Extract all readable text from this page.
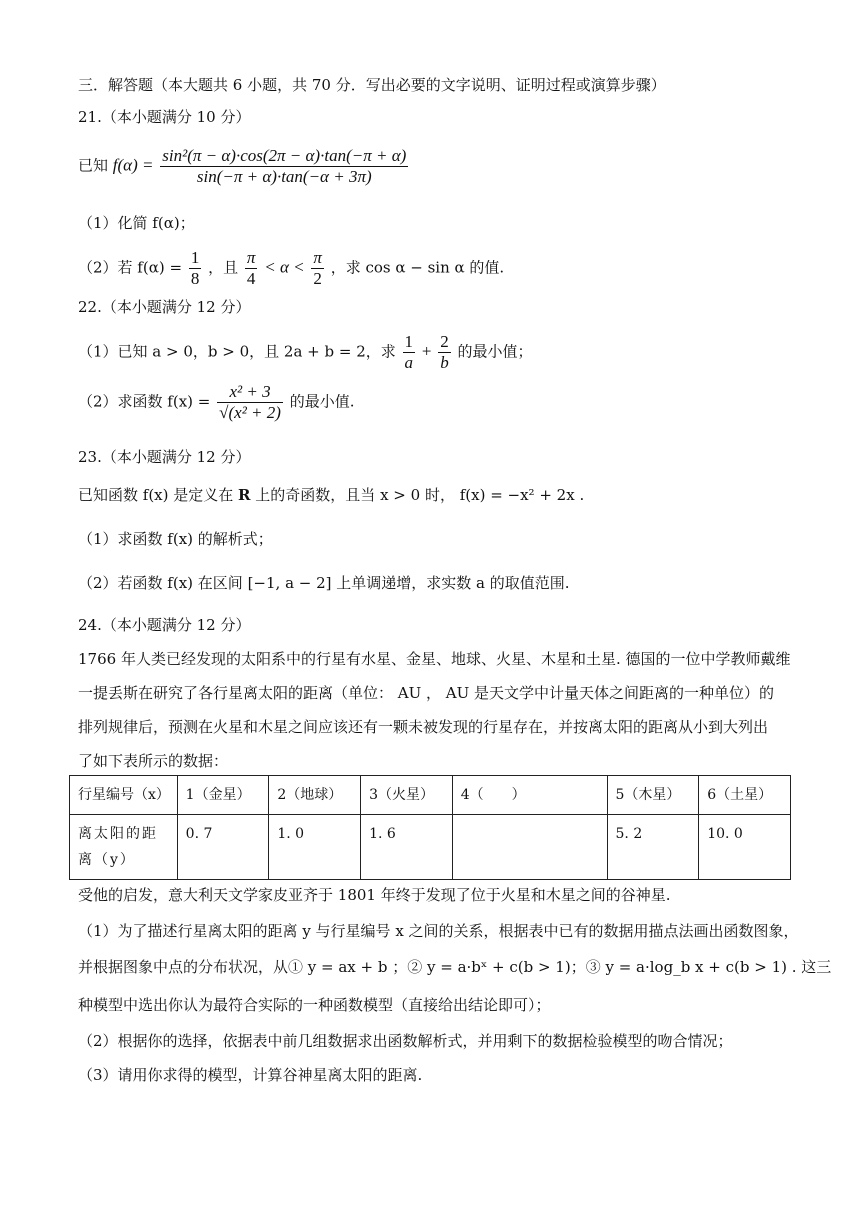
三．解答题（本大题共 6 小题，共 70 分．写出必要的文字说明、证明过程或演算步骤）
21.（本小题满分 10 分）
已知 $f(\alpha) = \frac{\text{sin²(π − α)·cos(2π − α)·tan(−π + α)}}{\sin(-\pi + \alpha)\cdot\tan(-\alpha + 3\pi)}$
（1）化简 f(α)；
（2）若 $f(\alpha) = \frac{1}{8}$ ，且 $\frac{\pi}{4} < \alpha < \frac{\pi}{2}$ ，求 cos α − sin α 的值.
22.（本小题满分 12 分）
（1）已知 a > 0，b > 0，且 2a + b = 2，求 $\frac{1}{a} + \frac{2}{b}$ 的最小值；
（2）求函数 $f(x) = \frac{\text{x² + 3}}{\text{√(x² + 2)}}$ 的最小值.
23.（本小题满分 12 分）
已知函数 f(x) 是定义在 R 上的奇函数，且当 x > 0 时， f(x) = −x² + 2x .
（1）求函数 f(x) 的解析式；
（2）若函数 f(x) 在区间 [−1, a − 2] 上单调递增，求实数 a 的取值范围.
24.（本小题满分 12 分）
1766 年人类已经发现的太阳系中的行星有水星、金星、地球、火星、木星和土星. 德国的一位中学教师戴维
一提丢斯在研究了各行星离太阳的距离（单位： AU ， AU 是天文学中计量天体之间距离的一种单位）的
排列规律后，预测在火星和木星之间应该还有一颗未被发现的行星存在，并按离太阳的距离从小到大列出
了如下表所示的数据：
行星编号（x）	1（金星）	2（地球）	3（火星）	4（　　）	5（木星）	6（土星）
离太阳的距离（y）	0. 7	1. 0	1. 6		5. 2	10. 0
受他的启发，意大利天文学家皮亚齐于 1801 年终于发现了位于火星和木星之间的谷神星.
（1）为了描述行星离太阳的距离 y 与行星编号 x 之间的关系，根据表中已有的数据用描点法画出函数图象，
并根据图象中点的分布状况，从① y = ax + b ；② y = a·bˣ + c(b > 1)；③ y = a·log_b x + c(b > 1) . 这三
种模型中选出你认为最符合实际的一种函数模型（直接给出结论即可）；
（2）根据你的选择，依据表中前几组数据求出函数解析式，并用剩下的数据检验模型的吻合情况；
（3）请用你求得的模型，计算谷神星离太阳的距离.
